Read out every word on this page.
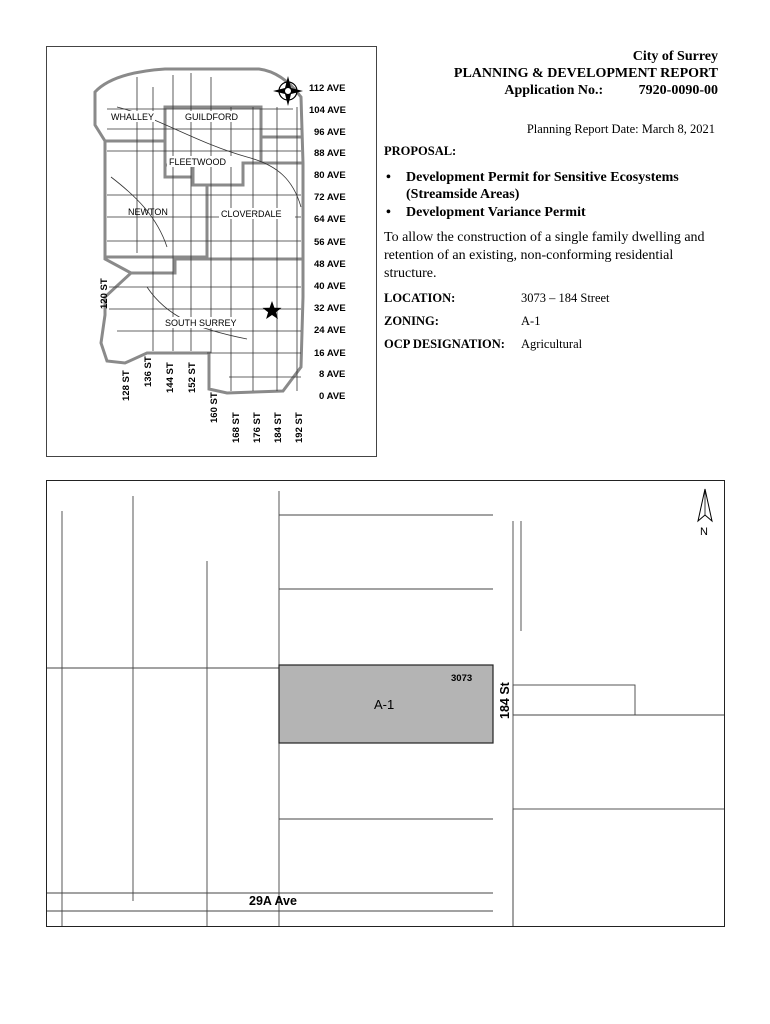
WHALLEY	GUILDFORD
FLEETWOOD
NEWTON	CLOVERDALE
SOUTH SURREY
112 AVE
104 AVE
96 AVE
88 AVE
80 AVE
72 AVE
64 AVE
56 AVE
48 AVE
40 AVE
32 AVE
24 AVE
16 AVE
8 AVE
0 AVE
120 ST
128 ST 136 ST 144 ST 152 ST
160 ST
168 ST 176 ST 184 ST 192 ST
City of Surrey
PLANNING & DEVELOPMENT REPORT
Application No.:	7920-0090-00
Planning Report Date: March 8, 2021
PROPOSAL:
• Development Permit for Sensitive Ecosystems (Streamside Areas)
• Development Variance Permit
To allow the construction of a single family dwelling and retention of an existing, non-conforming residential structure.
LOCATION:	3073 – 184 Street
ZONING:	A-1
OCP DESIGNATION: Agricultural
3073
A-1	184 St
29A Ave
N
